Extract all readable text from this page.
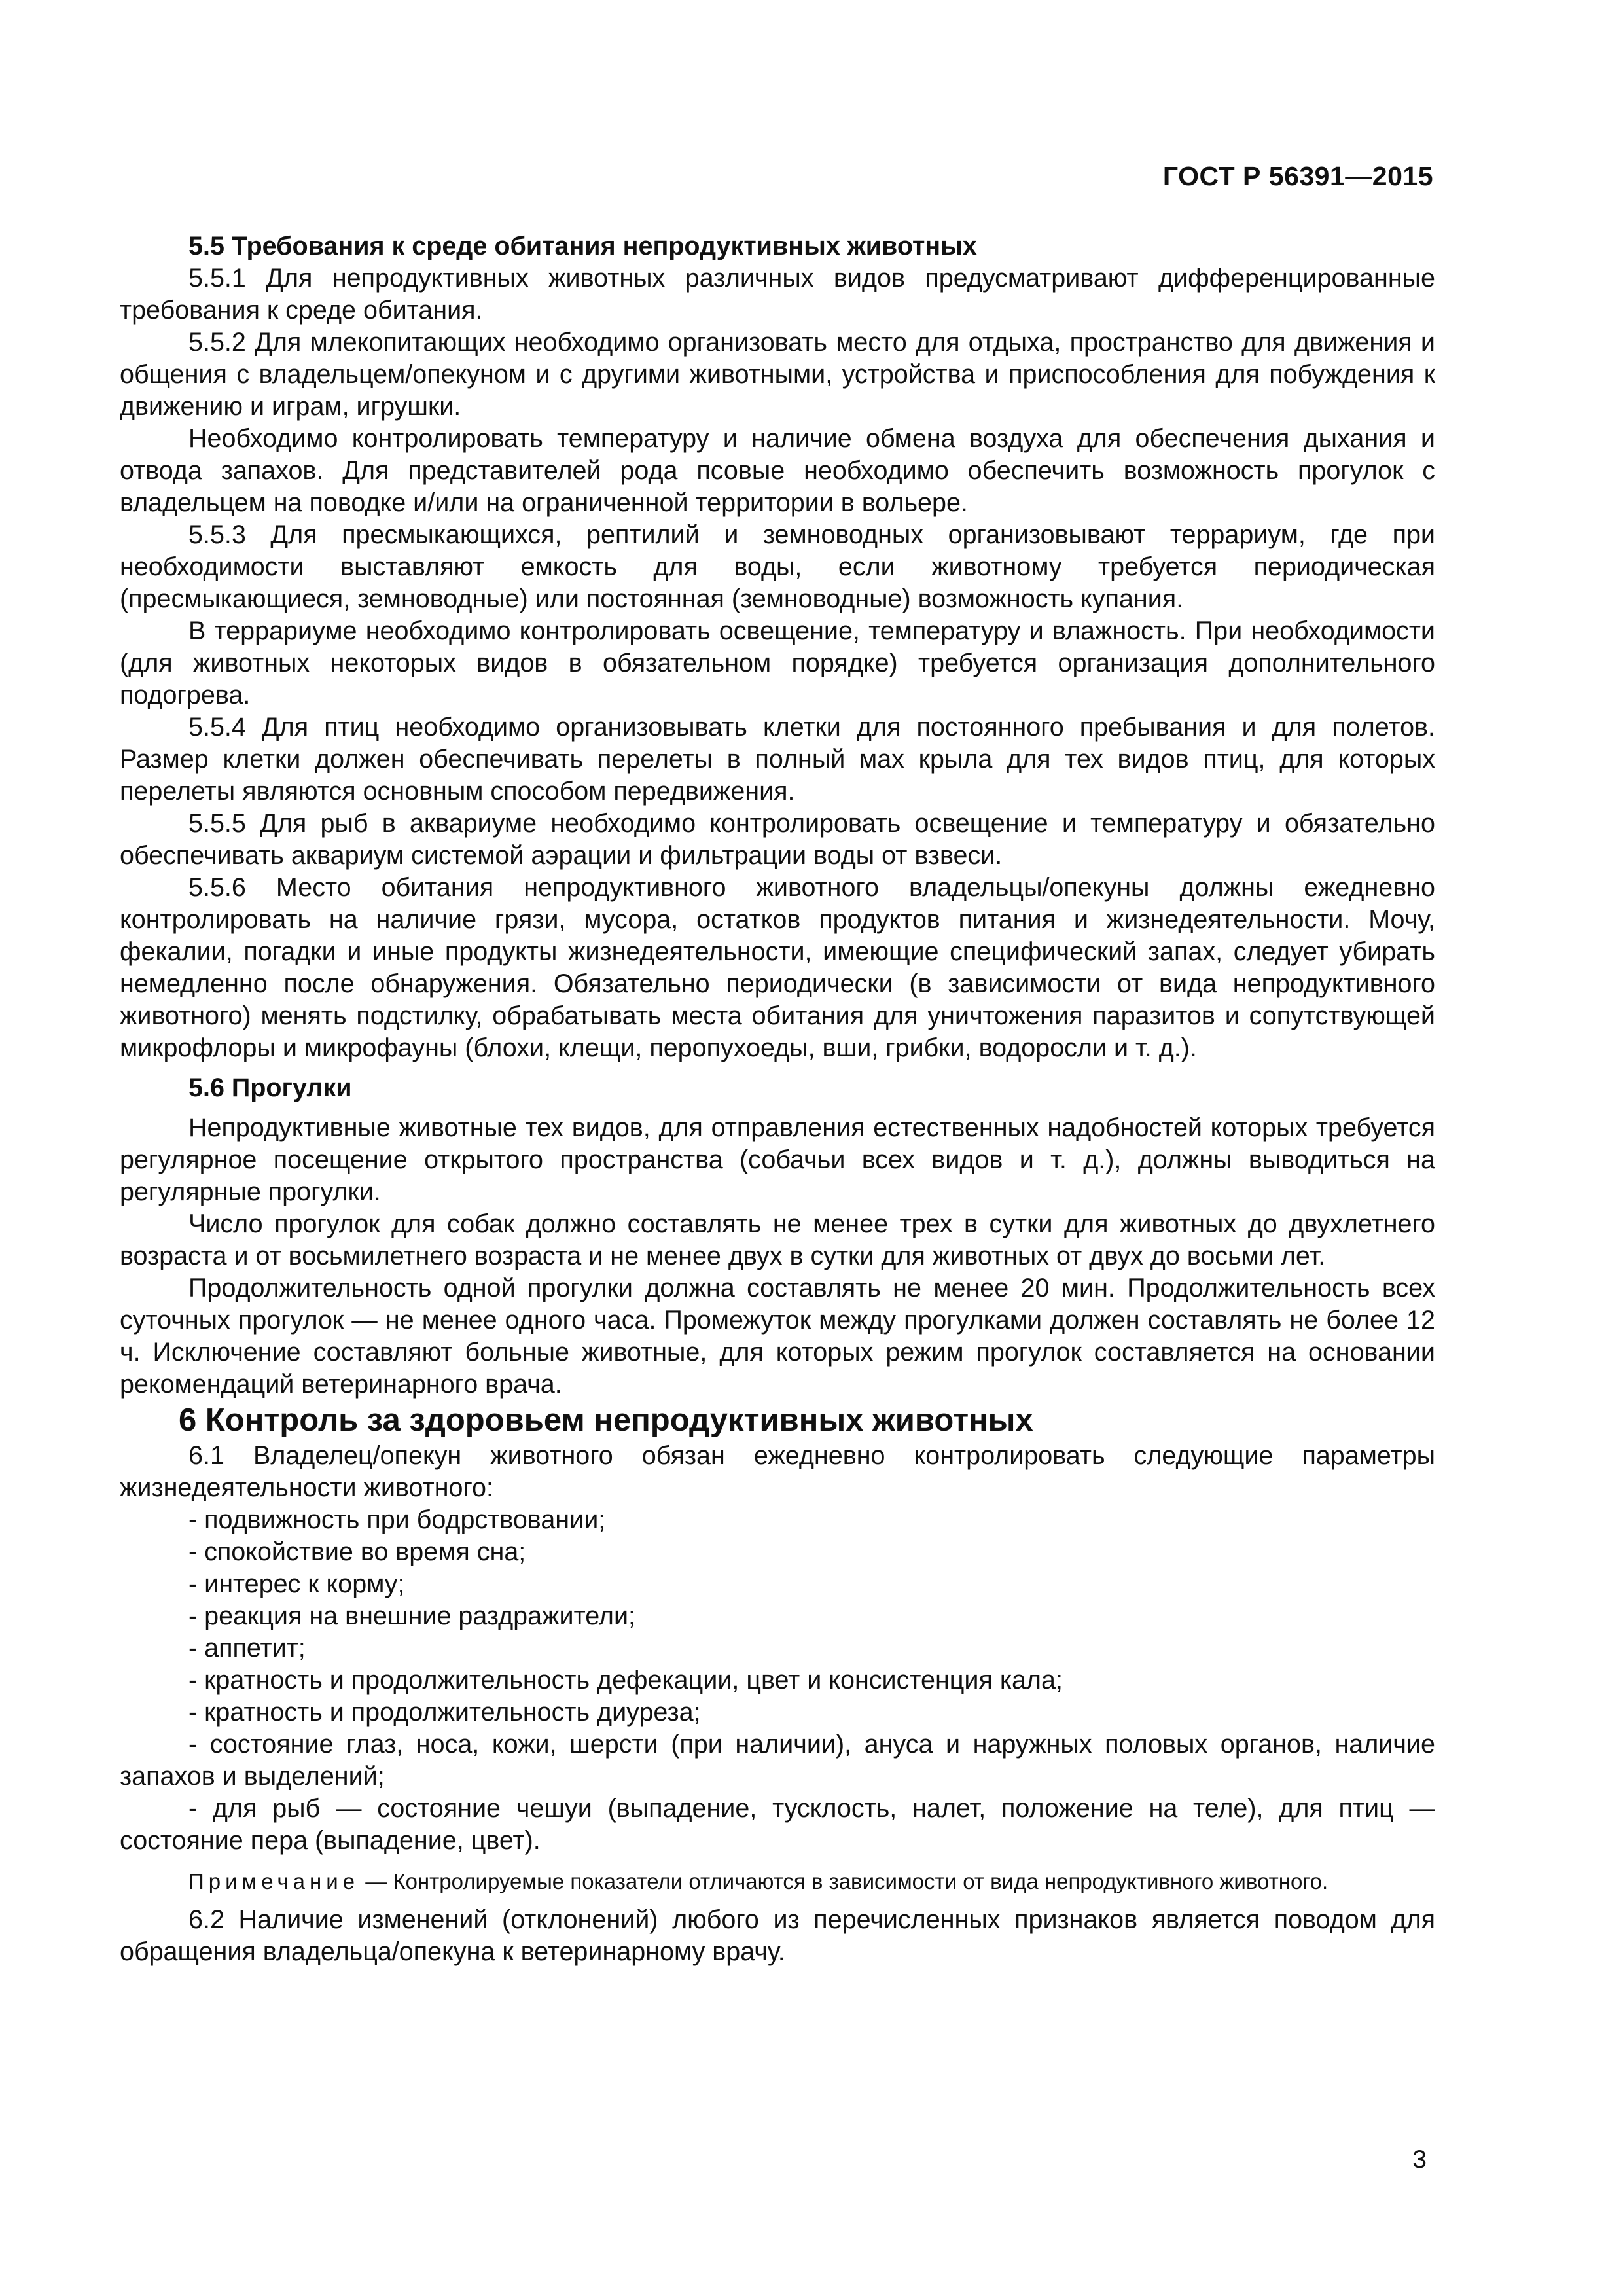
ГОСТ Р 56391—2015

5.5 Требования к среде обитания непродуктивных животных

5.5.1 Для непродуктивных животных различных видов предусматривают дифференцированные требования к среде обитания.

5.5.2 Для млекопитающих необходимо организовать место для отдыха, пространство для движения и общения с владельцем/опекуном и с другими животными, устройства и приспособления для побуждения к движению и играм, игрушки.

Необходимо контролировать температуру и наличие обмена воздуха для обеспечения дыхания и отвода запахов. Для представителей рода псовые необходимо обеспечить возможность прогулок с владельцем на поводке и/или на ограниченной территории в вольере.

5.5.3 Для пресмыкающихся, рептилий и земноводных организовывают террариум, где при необходимости выставляют емкость для воды, если животному требуется периодическая (пресмыкающиеся, земноводные) или постоянная (земноводные) возможность купания.

В террариуме необходимо контролировать освещение, температуру и влажность. При необходимости (для животных некоторых видов в обязательном порядке) требуется организация дополнительного подогрева.

5.5.4 Для птиц необходимо организовывать клетки для постоянного пребывания и для полетов. Размер клетки должен обеспечивать перелеты в полный мах крыла для тех видов птиц, для которых перелеты являются основным способом передвижения.

5.5.5 Для рыб в аквариуме необходимо контролировать освещение и температуру и обязательно обеспечивать аквариум системой аэрации и фильтрации воды от взвеси.

5.5.6 Место обитания непродуктивного животного владельцы/опекуны должны ежедневно контролировать на наличие грязи, мусора, остатков продуктов питания и жизнедеятельности. Мочу, фекалии, погадки и иные продукты жизнедеятельности, имеющие специфический запах, следует убирать немедленно после обнаружения. Обязательно периодически (в зависимости от вида непродуктивного животного) менять подстилку, обрабатывать места обитания для уничтожения паразитов и сопутствующей микрофлоры и микрофауны (блохи, клещи, перопухоеды, вши, грибки, водоросли и т. д.).

5.6 Прогулки

Непродуктивные животные тех видов, для отправления естественных надобностей которых требуется регулярное посещение открытого пространства (собачьи всех видов и т. д.), должны выводиться на регулярные прогулки.

Число прогулок для собак должно составлять не менее трех в сутки для животных до двухлетнего возраста и от восьмилетнего возраста и не менее двух в сутки для животных от двух до восьми лет.

Продолжительность одной прогулки должна составлять не менее 20 мин. Продолжительность всех суточных прогулок — не менее одного часа. Промежуток между прогулками должен составлять не более 12 ч. Исключение составляют больные животные, для которых режим прогулок составляется на основании рекомендаций ветеринарного врача.

6 Контроль за здоровьем непродуктивных животных

6.1 Владелец/опекун животного обязан ежедневно контролировать следующие параметры жизнедеятельности животного:

- подвижность при бодрствовании;

- спокойствие во время сна;

- интерес к корму;

- реакция на внешние раздражители;

- аппетит;

- кратность и продолжительность дефекации, цвет и консистенция кала;

- кратность и продолжительность диуреза;

- состояние глаз, носа, кожи, шерсти (при наличии), ануса и наружных половых органов, наличие запахов и выделений;

- для рыб — состояние чешуи (выпадение, тусклость, налет, положение на теле), для птиц — состояние пера (выпадение, цвет).

Примечание — Контролируемые показатели отличаются в зависимости от вида непродуктивного животного.

6.2 Наличие изменений (отклонений) любого из перечисленных признаков является поводом для обращения владельца/опекуна к ветеринарному врачу.

3
